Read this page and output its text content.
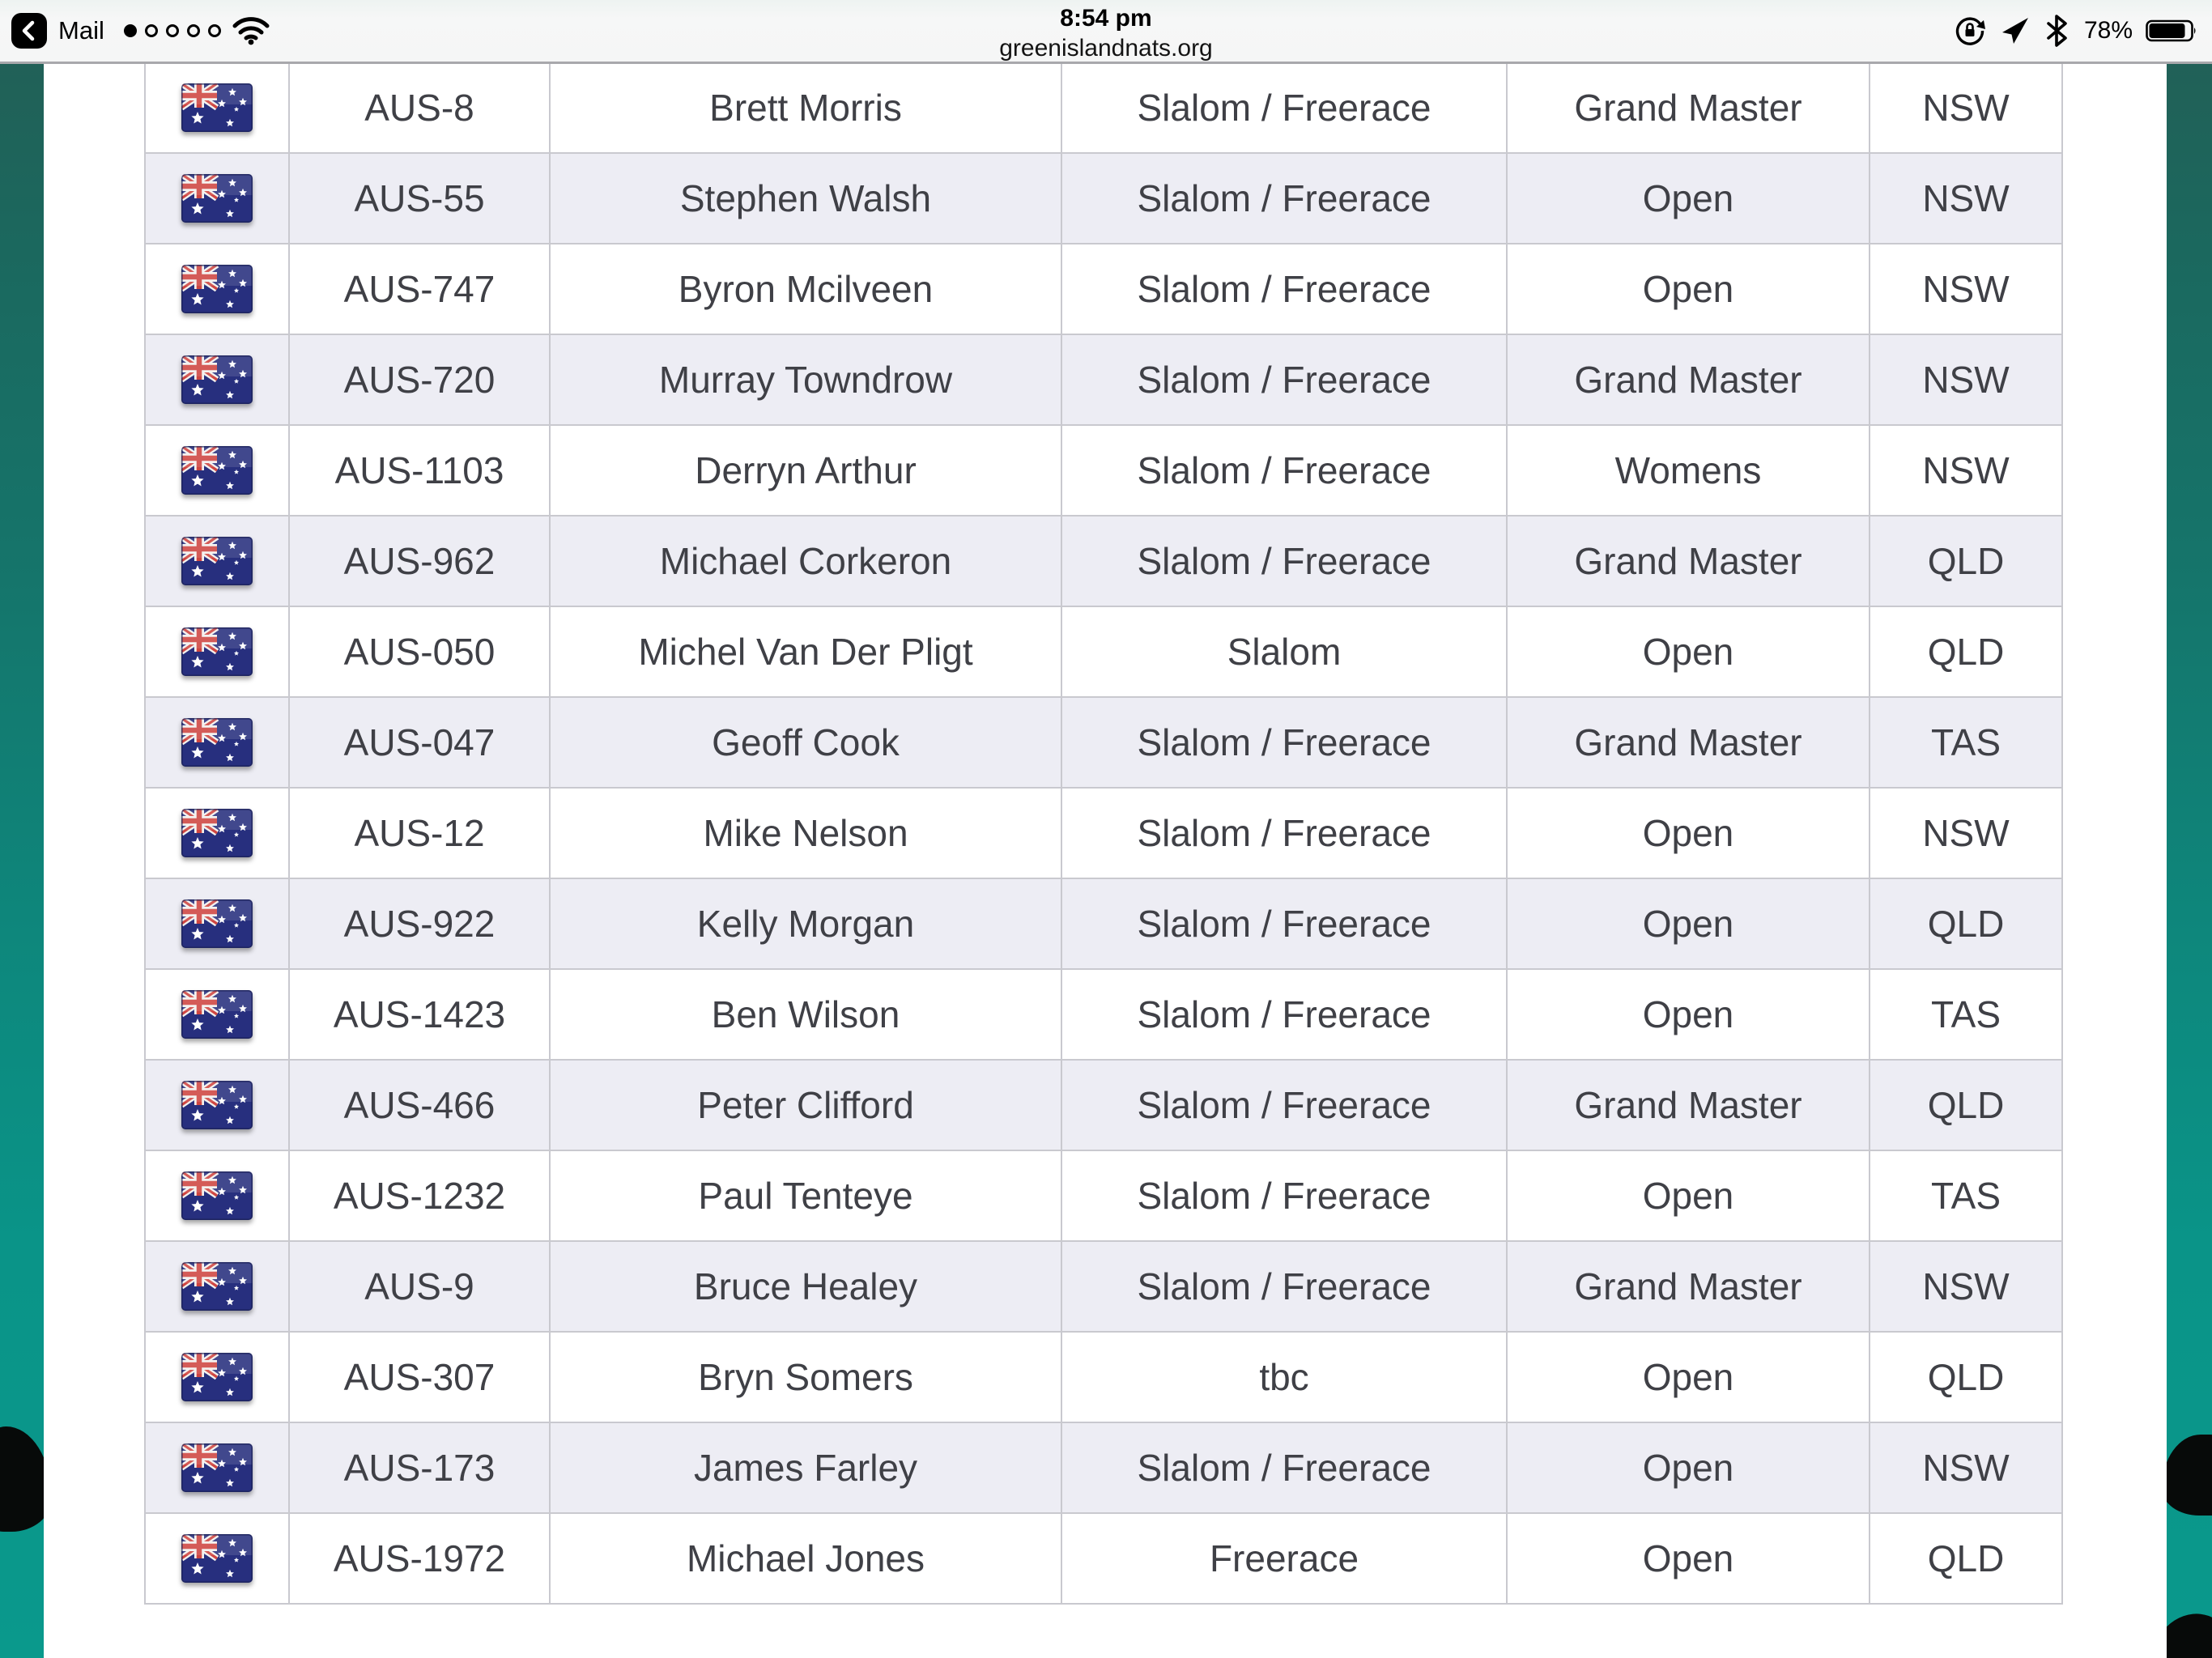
	AUS-8	Brett Morris	Slalom / Freerace	Grand Master	NSW

	AUS-55	Stephen Walsh	Slalom / Freerace	Open	NSW

	AUS-747	Byron Mcilveen	Slalom / Freerace	Open	NSW

	AUS-720	Murray Towndrow	Slalom / Freerace	Grand Master	NSW

	AUS-1103	Derryn Arthur	Slalom / Freerace	Womens	NSW

	AUS-962	Michael Corkeron	Slalom / Freerace	Grand Master	QLD

	AUS-050	Michel Van Der Pligt	Slalom	Open	QLD

	AUS-047	Geoff Cook	Slalom / Freerace	Grand Master	TAS

	AUS-12	Mike Nelson	Slalom / Freerace	Open	NSW

	AUS-922	Kelly Morgan	Slalom / Freerace	Open	QLD

	AUS-1423	Ben Wilson	Slalom / Freerace	Open	TAS

	AUS-466	Peter Clifford	Slalom / Freerace	Grand Master	QLD

	AUS-1232	Paul Tenteye	Slalom / Freerace	Open	TAS

	AUS-9	Bruce Healey	Slalom / Freerace	Grand Master	NSW

	AUS-307	Bryn Somers	tbc	Open	QLD

	AUS-173	James Farley	Slalom / Freerace	Open	NSW

	AUS-1972	Michael Jones	Freerace	Open	QLD
Mail	8:54 pm
greenislandnats.org
78%
